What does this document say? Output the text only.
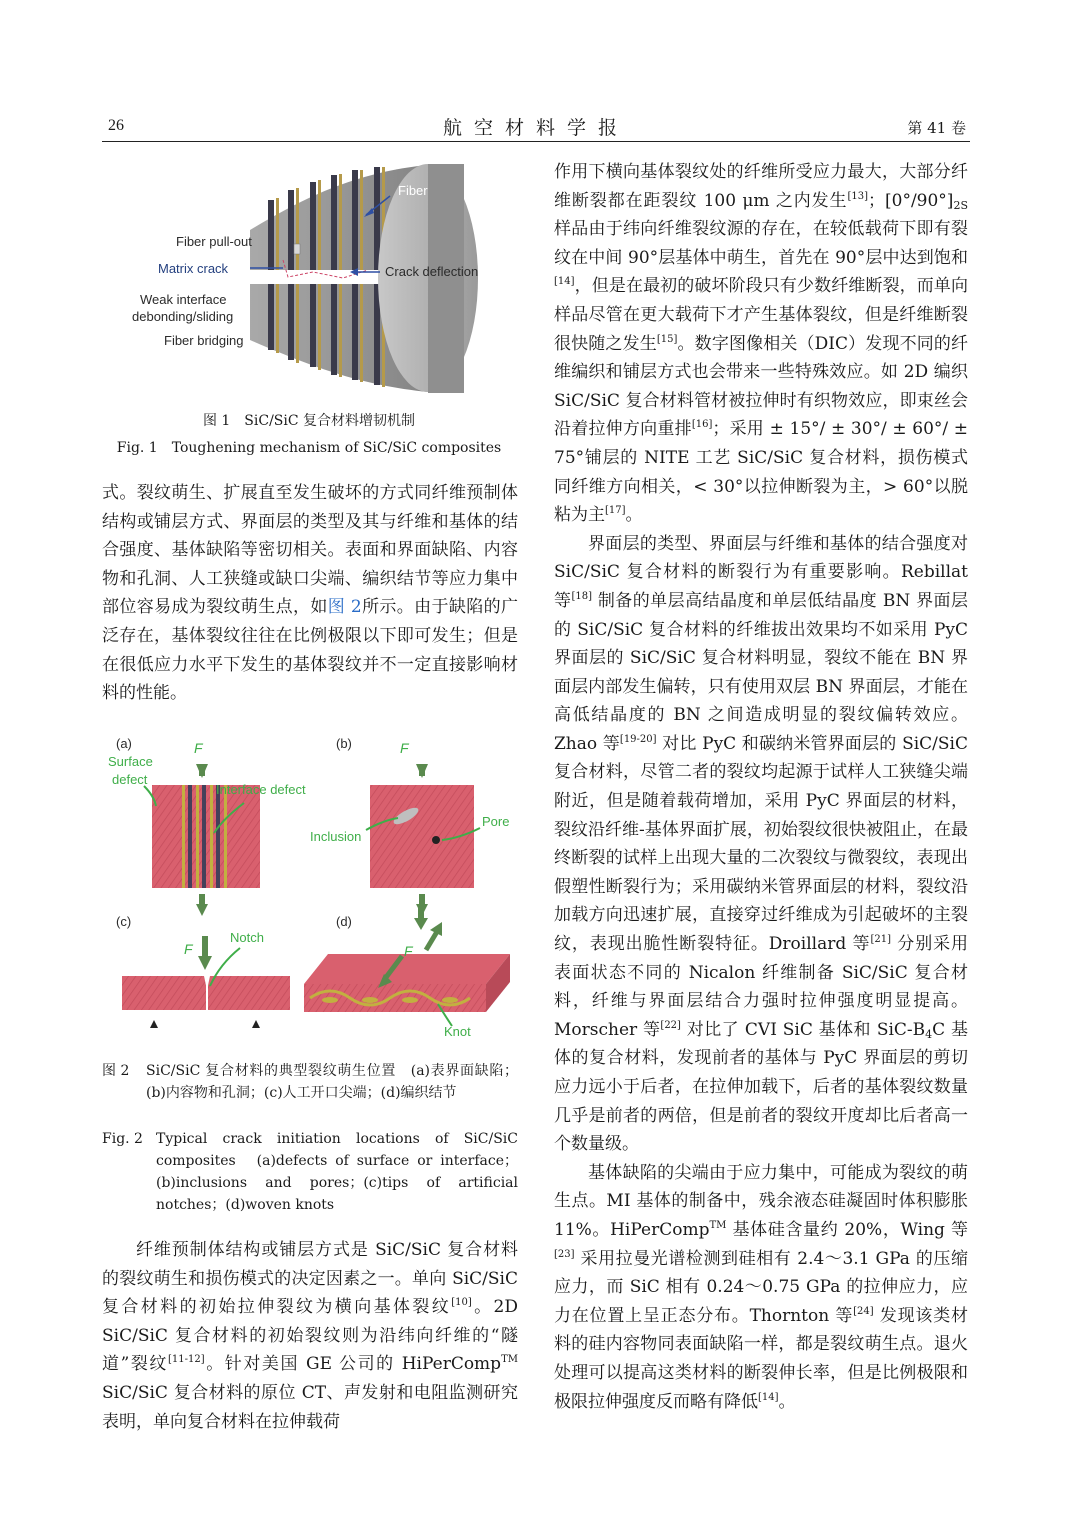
26	航空材料学报	第 41 卷
Fiber
Fiber pull-out
Matrix crack	Crack deflection
Weak interface
debonding/sliding
Fiber bridging
图 1　SiC/SiC 复合材料增韧机制
Fig. 1　Toughening mechanism of SiC/SiC composites

式。裂纹萌生、扩展直至发生破坏的方式同纤维预制体结构或铺层方式、界面层的类型及其与纤维和基体的结合强度、基体缺陷等密切相关。表面和界面缺陷、内容物和孔洞、人工狭缝或缺口尖端、编织结节等应力集中部位容易成为裂纹萌生点，如图 2所示。由于缺陷的广泛存在，基体裂纹往往在比例极限以下即可发生；但是在很低应力水平下发生的基体裂纹并不一定直接影响材料的性能。

(a)	(b)
(c)	(d)
F
Surface
defect
Interface defect
F
Inclusion
Pore
F
Notch
F
Knot
图 2	SiC/SiC 复合材料的典型裂纹萌生位置　(a)表界面缺陷；(b)内容物和孔洞；(c)人工开口尖端；(d)编织结节
Fig. 2 Typical crack initiation locations of SiC/SiC composites　(a)defects of surface or interface；(b)inclusions and pores；(c)tips of artificial notches；(d)woven knots

纤维预制体结构或铺层方式是 SiC/SiC 复合材料的裂纹萌生和损伤模式的决定因素之一。单向 SiC/SiC 复合材料的初始拉伸裂纹为横向基体裂纹[10]。2D SiC/SiC 复合材料的初始裂纹则为沿纬向纤维的“隧道”裂纹[11-12]。针对美国 GE 公司的 HiPerComp™ SiC/SiC 复合材料的原位 CT、声发射和电阻监测研究表明，单向复合材料在拉伸载荷

作用下横向基体裂纹处的纤维所受应力最大，大部分纤维断裂都在距裂纹 100 μm 之内发生[13]；$[0^\circ/90^\circ]_{2S}$ 样品由于纬向纤维裂纹源的存在，在较低载荷下即有裂纹在中间 90°层基体中萌生，首先在 90°层中达到饱和[14]，但是在最初的破坏阶段只有少数纤维断裂，而单向样品尽管在更大载荷下才产生基体裂纹，但是纤维断裂很快随之发生[15]。数字图像相关（DIC）发现不同的纤维编织和铺层方式也会带来一些特殊效应。如 2D 编织 SiC/SiC 复合材料管材被拉伸时有织物效应，即束丝会沿着拉伸方向重排[16]；采用 ± 15°/ ± 30°/ ± 60°/ ± 75°铺层的 NITE 工艺 SiC/SiC 复合材料，损伤模式同纤维方向相关，< 30°以拉伸断裂为主，> 60°以脱粘为主[17]。

界面层的类型、界面层与纤维和基体的结合强度对 SiC/SiC 复合材料的断裂行为有重要影响。Rebillat 等[18] 制备的单层高结晶度和单层低结晶度 BN 界面层的 SiC/SiC 复合材料的纤维拔出效果均不如采用 PyC 界面层的 SiC/SiC 复合材料明显，裂纹不能在 BN 界面层内部发生偏转，只有使用双层 BN 界面层，才能在高低结晶度的 BN 之间造成明显的裂纹偏转效应。Zhao 等[19-20] 对比 PyC 和碳纳米管界面层的 SiC/SiC 复合材料，尽管二者的裂纹均起源于试样人工狭缝尖端附近，但是随着载荷增加，采用 PyC 界面层的材料，裂纹沿纤维-基体界面扩展，初始裂纹很快被阻止，在最终断裂的试样上出现大量的二次裂纹与微裂纹，表现出假塑性断裂行为；采用碳纳米管界面层的材料，裂纹沿加载方向迅速扩展，直接穿过纤维成为引起破坏的主裂纹，表现出脆性断裂特征。Droillard 等[21] 分别采用表面状态不同的 Nicalon 纤维制备 SiC/SiC 复合材料，纤维与界面层结合力强时拉伸强度明显提高。Morscher 等[22] 对比了 CVI SiC 基体和 SiC-$B_4C$ 基体的复合材料，发现前者的基体与 PyC 界面层的剪切应力远小于后者，在拉伸加载下，后者的基体裂纹数量几乎是前者的两倍，但是前者的裂纹开度却比后者高一个数量级。

基体缺陷的尖端由于应力集中，可能成为裂纹的萌生点。MI 基体的制备中，残余液态硅凝固时体积膨胀 11%。HiPerComp™ 基体硅含量约 20%，Wing 等[23] 采用拉曼光谱检测到硅相有 2.4～3.1 GPa 的压缩应力，而 SiC 相有 0.24～0.75 GPa 的拉伸应力，应力在位置上呈正态分布。Thornton 等[24] 发现该类材料的硅内容物同表面缺陷一样，都是裂纹萌生点。退火处理可以提高这类材料的断裂伸长率，但是比例极限和极限拉伸强度反而略有降低[14]。
